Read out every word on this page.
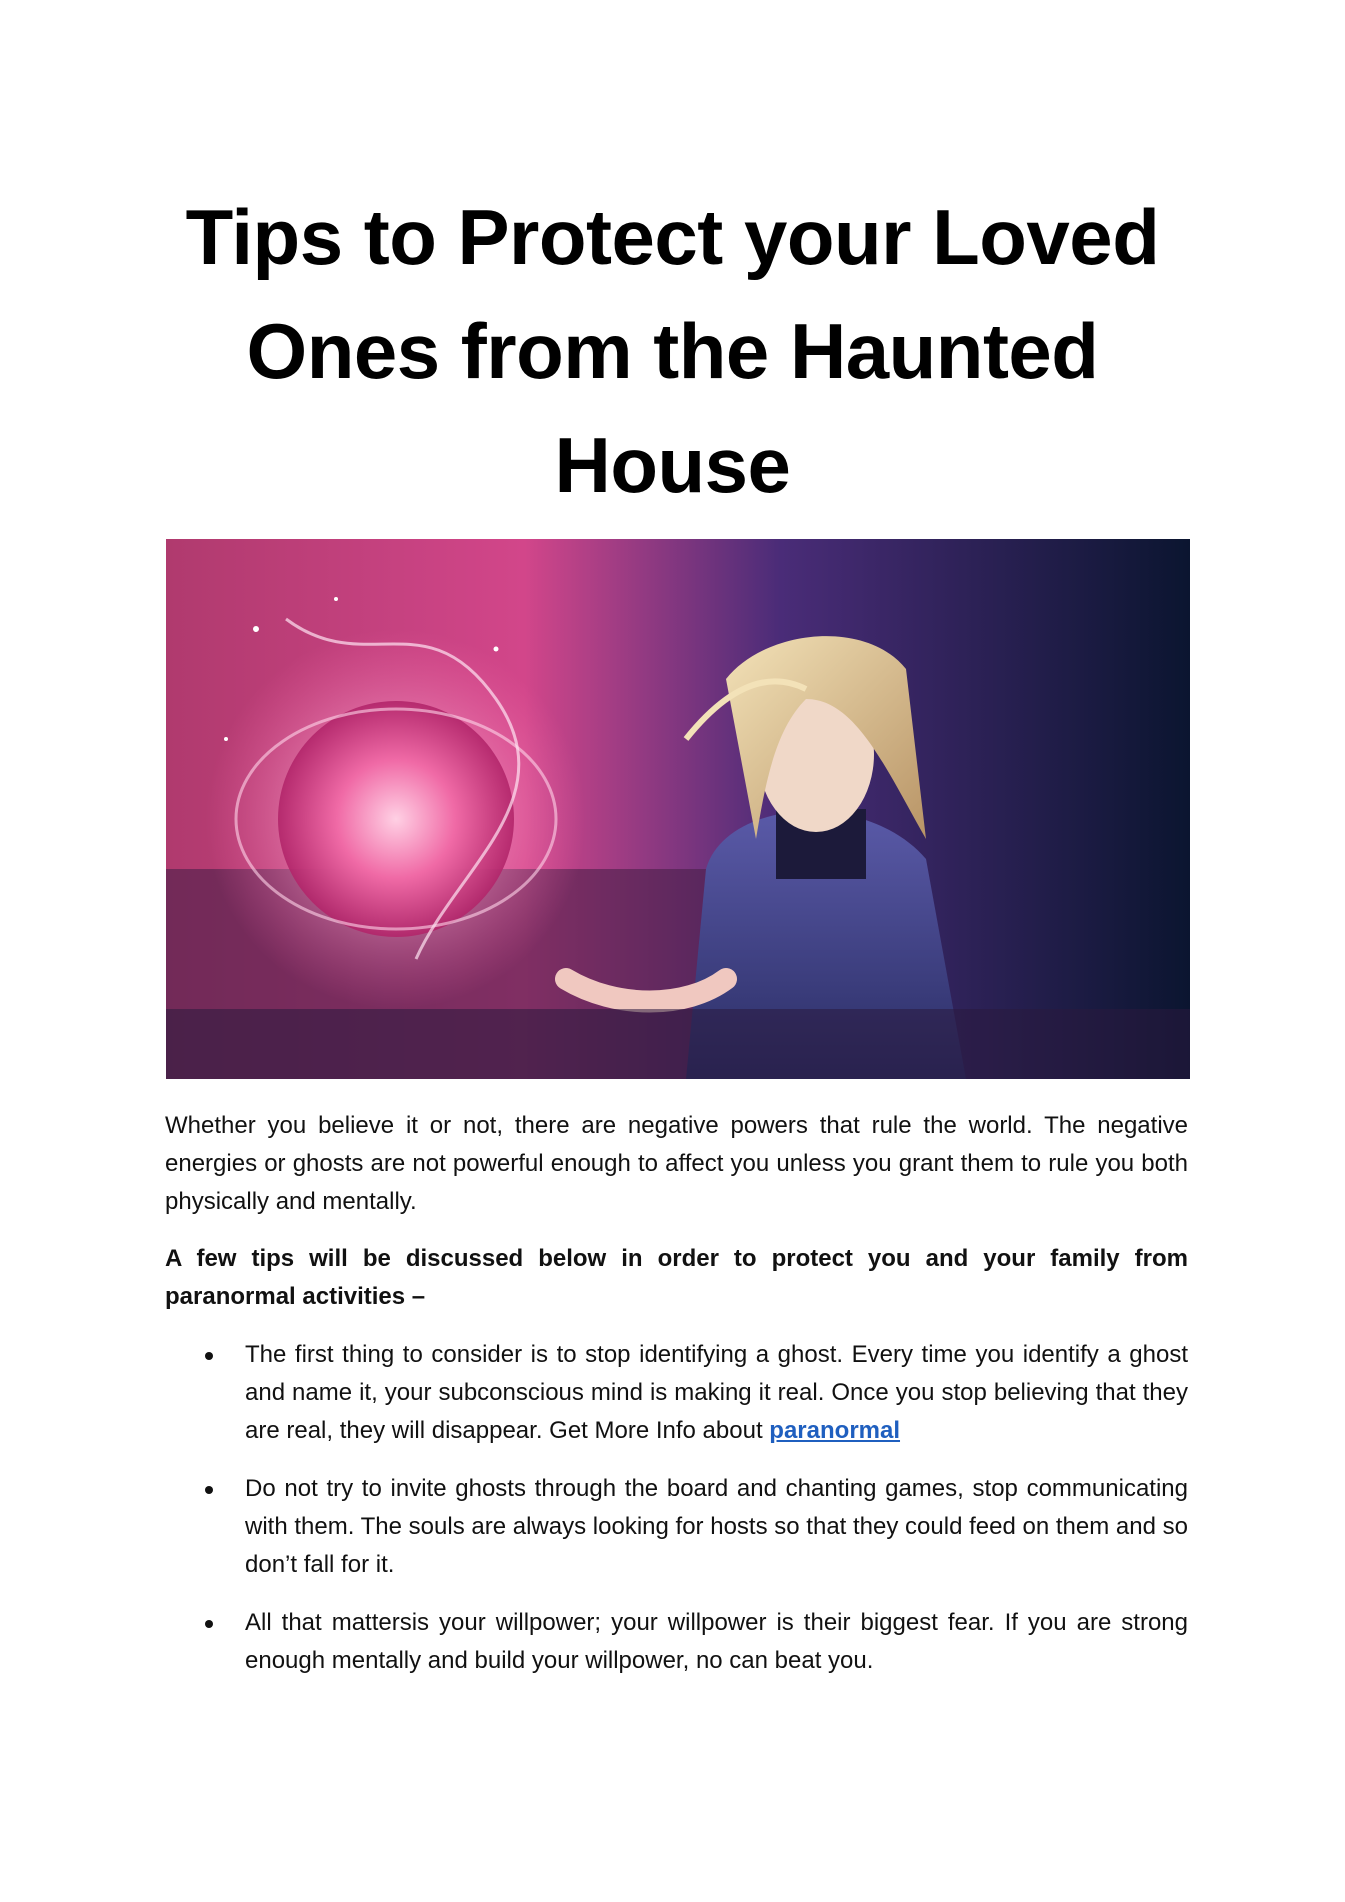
Tips to Protect your Loved Ones from the Haunted House

Whether you believe it or not, there are negative powers that rule the world. The negative energies or ghosts are not powerful enough to affect you unless you grant them to rule you both physically and mentally.

A few tips will be discussed below in order to protect you and your family from paranormal activities –

The first thing to consider is to stop identifying a ghost. Every time you identify a ghost and name it, your subconscious mind is making it real. Once you stop believing that they are real, they will disappear. Get More Info about paranormal
Do not try to invite ghosts through the board and chanting games, stop communicating with them. The souls are always looking for hosts so that they could feed on them and so don’t fall for it.
All that mattersis your willpower; your willpower is their biggest fear. If you are strong enough mentally and build your willpower, no can beat you.
